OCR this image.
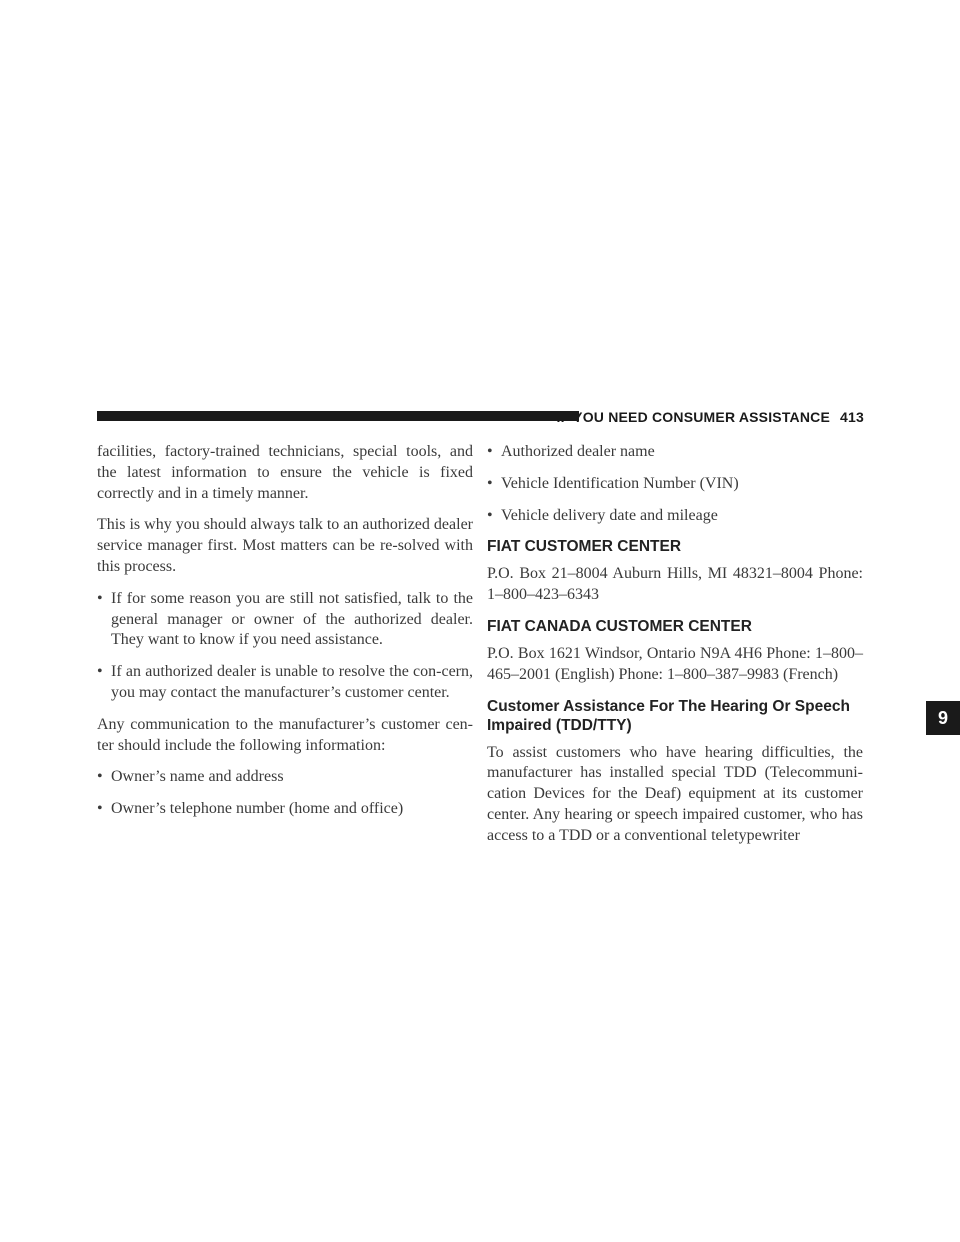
IF YOU NEED CONSUMER ASSISTANCE 413

facilities, factory-trained technicians, special tools, and the latest information to ensure the vehicle is fixed correctly and in a timely manner.

This is why you should always talk to an authorized dealer service manager first. Most matters can be re-solved with this process.

• If for some reason you are still not satisfied, talk to the general manager or owner of the authorized dealer. They want to know if you need assistance.
• If an authorized dealer is unable to resolve the con-cern, you may contact the manufacturer’s customer center.

Any communication to the manufacturer’s customer cen-ter should include the following information:

• Owner’s name and address
• Owner’s telephone number (home and office)
• Authorized dealer name
• Vehicle Identification Number (VIN)
• Vehicle delivery date and mileage
FIAT CUSTOMER CENTER

P.O. Box 21–8004 Auburn Hills, MI 48321–8004 Phone: 1–800–423–6343

FIAT CANADA CUSTOMER CENTER

P.O. Box 1621 Windsor, Ontario N9A 4H6 Phone: 1–800–465–2001 (English) Phone: 1–800–387–9983 (French)

Customer Assistance For The Hearing Or Speech Impaired (TDD/TTY)

To assist customers who have hearing difficulties, the manufacturer has installed special TDD (Telecommuni-cation Devices for the Deaf) equipment at its customer center. Any hearing or speech impaired customer, who has access to a TDD or a conventional teletypewriter

9
